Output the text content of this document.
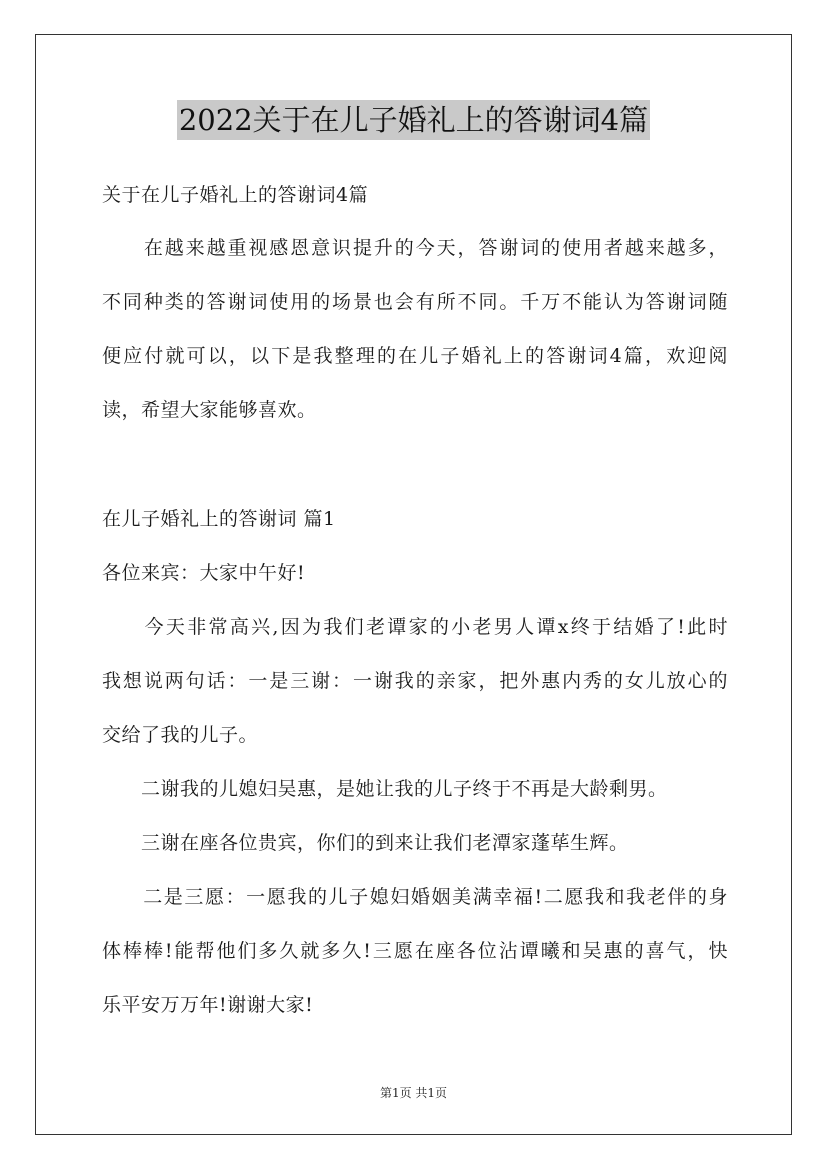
2022关于在儿子婚礼上的答谢词4篇
关于在儿子婚礼上的答谢词4篇
　　在越来越重视感恩意识提升的今天，答谢词的使用者越来越多，
不同种类的答谢词使用的场景也会有所不同。千万不能认为答谢词随
便应付就可以，以下是我整理的在儿子婚礼上的答谢词4篇，欢迎阅
读，希望大家能够喜欢。
在儿子婚礼上的答谢词 篇1
各位来宾：大家中午好!
　　今天非常高兴,因为我们老谭家的小老男人谭x终于结婚了!此时
我想说两句话：一是三谢：一谢我的亲家，把外惠内秀的女儿放心的
交给了我的儿子。
　　二谢我的儿媳妇吴惠，是她让我的儿子终于不再是大龄剩男。
　　三谢在座各位贵宾，你们的到来让我们老潭家蓬荜生辉。
　　二是三愿：一愿我的儿子媳妇婚姻美满幸福!二愿我和我老伴的身
体棒棒!能帮他们多久就多久!三愿在座各位沾谭曦和吴惠的喜气，快
乐平安万万年!谢谢大家!
第1页 共1页
